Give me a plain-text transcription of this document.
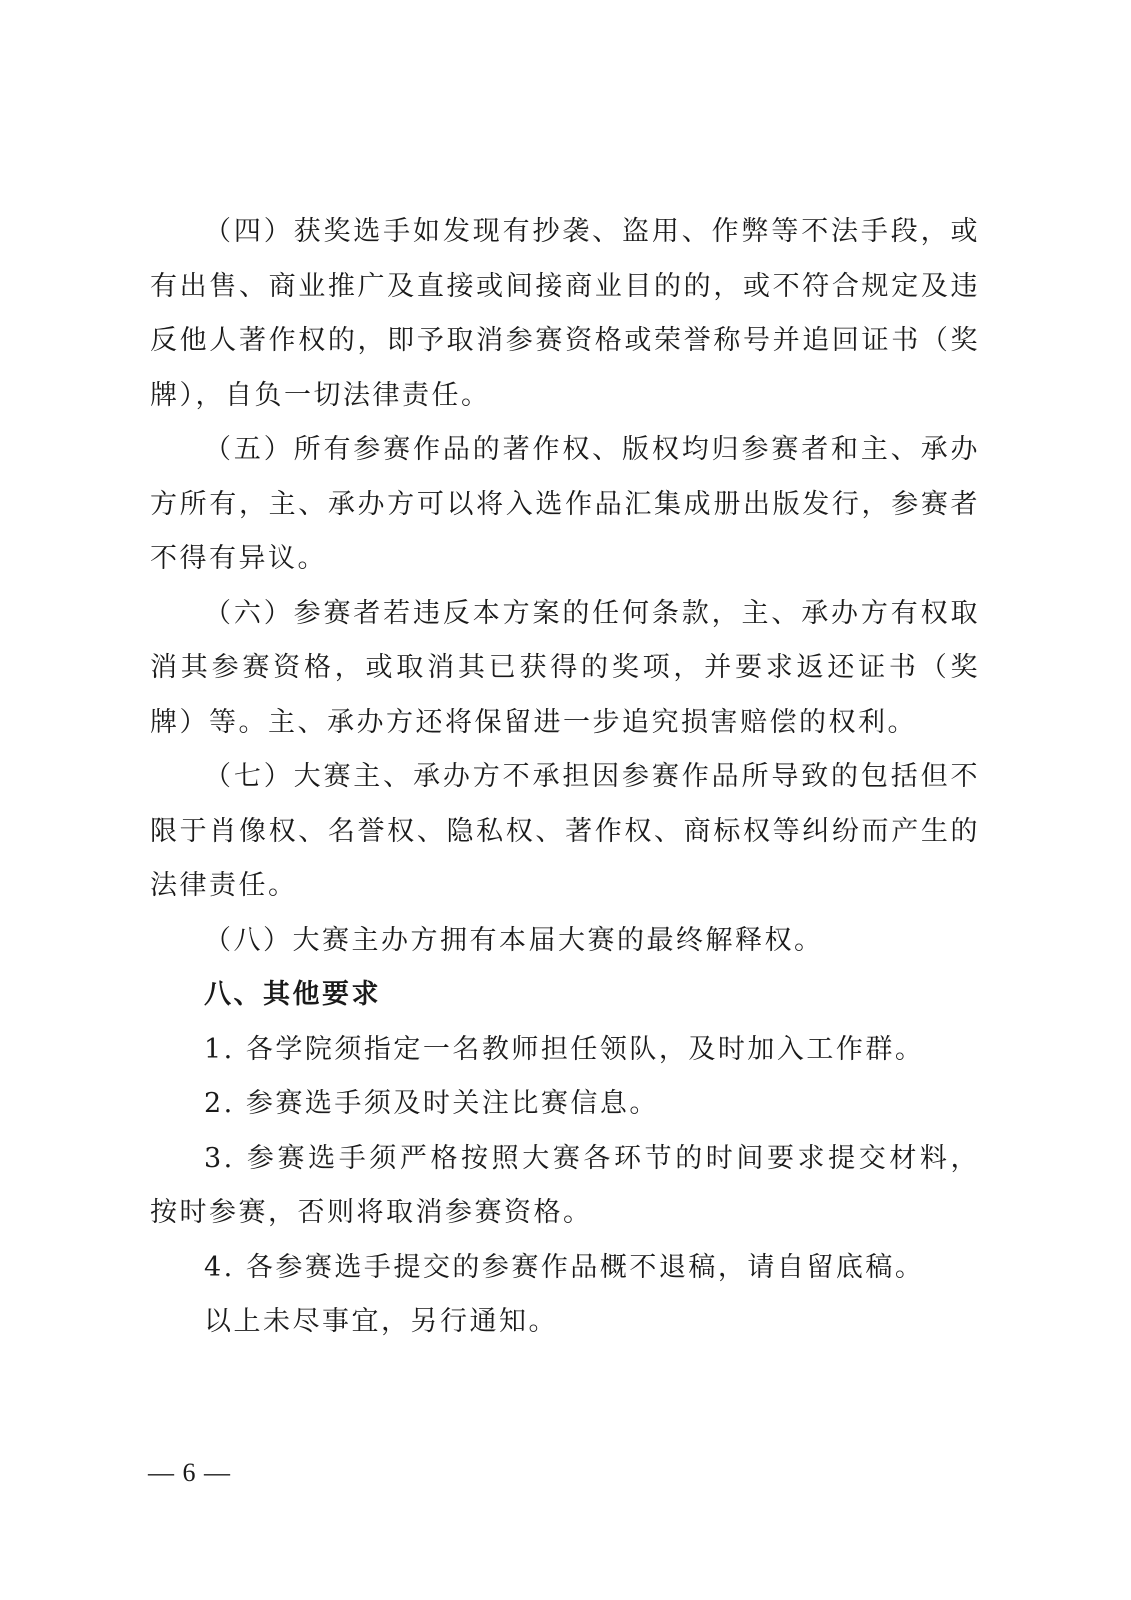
（四）获奖选手如发现有抄袭、盗用、作弊等不法手段，或有出售、商业推广及直接或间接商业目的的，或不符合规定及违反他人著作权的，即予取消参赛资格或荣誉称号并追回证书（奖牌），自负一切法律责任。

（五）所有参赛作品的著作权、版权均归参赛者和主、承办方所有，主、承办方可以将入选作品汇集成册出版发行，参赛者不得有异议。

（六）参赛者若违反本方案的任何条款，主、承办方有权取消其参赛资格，或取消其已获得的奖项，并要求返还证书（奖牌）等。主、承办方还将保留进一步追究损害赔偿的权利。

（七）大赛主、承办方不承担因参赛作品所导致的包括但不限于肖像权、名誉权、隐私权、著作权、商标权等纠纷而产生的法律责任。

（八）大赛主办方拥有本届大赛的最终解释权。

八、其他要求

1. 各学院须指定一名教师担任领队，及时加入工作群。

2. 参赛选手须及时关注比赛信息。

3. 参赛选手须严格按照大赛各环节的时间要求提交材料，按时参赛，否则将取消参赛资格。

4. 各参赛选手提交的参赛作品概不退稿，请自留底稿。

以上未尽事宜，另行通知。

— 6 —
